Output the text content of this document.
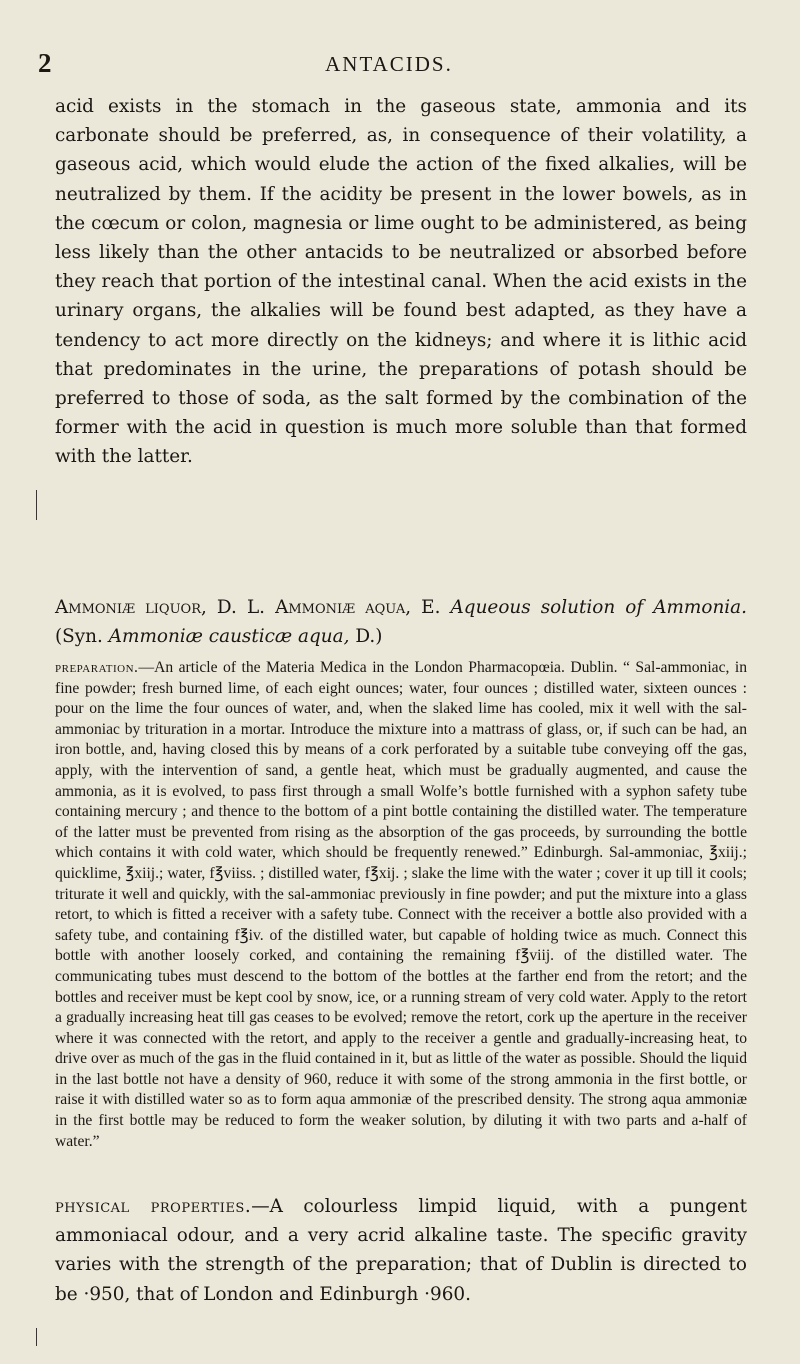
2	ANTACIDS.

acid exists in the stomach in the gaseous state, ammonia and its carbonate should be preferred, as, in consequence of their volatility, a gaseous acid, which would elude the action of the fixed alkalies, will be neutralized by them. If the acidity be present in the lower bowels, as in the cœcum or colon, magnesia or lime ought to be administered, as being less likely than the other antacids to be neutralized or absorbed before they reach that portion of the intestinal canal. When the acid exists in the urinary organs, the alkalies will be found best adapted, as they have a tendency to act more directly on the kidneys; and where it is lithic acid that predominates in the urine, the preparations of potash should be preferred to those of soda, as the salt formed by the combination of the former with the acid in question is much more soluble than that formed with the latter.

Ammoniæ liquor, D. L. Ammoniæ aqua, E. Aqueous solution of Ammonia. (Syn. Ammoniæ causticæ aqua, D.)

preparation.—An article of the Materia Medica in the London Pharmacopœia. Dublin. “ Sal-ammoniac, in fine powder; fresh burned lime, of each eight ounces; water, four ounces ; distilled water, sixteen ounces : pour on the lime the four ounces of water, and, when the slaked lime has cooled, mix it well with the sal-ammoniac by trituration in a mortar. Introduce the mixture into a mattrass of glass, or, if such can be had, an iron bottle, and, having closed this by means of a cork perforated by a suitable tube conveying off the gas, apply, with the intervention of sand, a gentle heat, which must be gradually augmented, and cause the ammonia, as it is evolved, to pass first through a small Wolfe’s bottle furnished with a syphon safety tube containing mercury ; and thence to the bottom of a pint bottle containing the distilled water. The temperature of the latter must be prevented from rising as the absorption of the gas proceeds, by surrounding the bottle which contains it with cold water, which should be frequently renewed.” Edinburgh. Sal-ammoniac, ℥xiij.; quicklime, ℥xiij.; water, f℥viiss. ; distilled water, f℥xij. ; slake the lime with the water ; cover it up till it cools; triturate it well and quickly, with the sal-ammoniac previously in fine powder; and put the mixture into a glass retort, to which is fitted a receiver with a safety tube. Connect with the receiver a bottle also provided with a safety tube, and containing f℥iv. of the distilled water, but capable of holding twice as much. Connect this bottle with another loosely corked, and containing the remaining f℥viij. of the distilled water. The communicating tubes must descend to the bottom of the bottles at the farther end from the retort; and the bottles and receiver must be kept cool by snow, ice, or a running stream of very cold water. Apply to the retort a gradually increasing heat till gas ceases to be evolved; remove the retort, cork up the aperture in the receiver where it was connected with the retort, and apply to the receiver a gentle and gradually-increasing heat, to drive over as much of the gas in the fluid contained in it, but as little of the water as possible. Should the liquid in the last bottle not have a density of 960, reduce it with some of the strong ammonia in the first bottle, or raise it with distilled water so as to form aqua ammoniæ of the prescribed density. The strong aqua ammoniæ in the first bottle may be reduced to form the weaker solution, by diluting it with two parts and a-half of water.”

physical properties.—A colourless limpid liquid, with a pungent ammoniacal odour, and a very acrid alkaline taste. The specific gravity varies with the strength of the preparation; that of Dublin is directed to be ·950, that of London and Edinburgh ·960.
